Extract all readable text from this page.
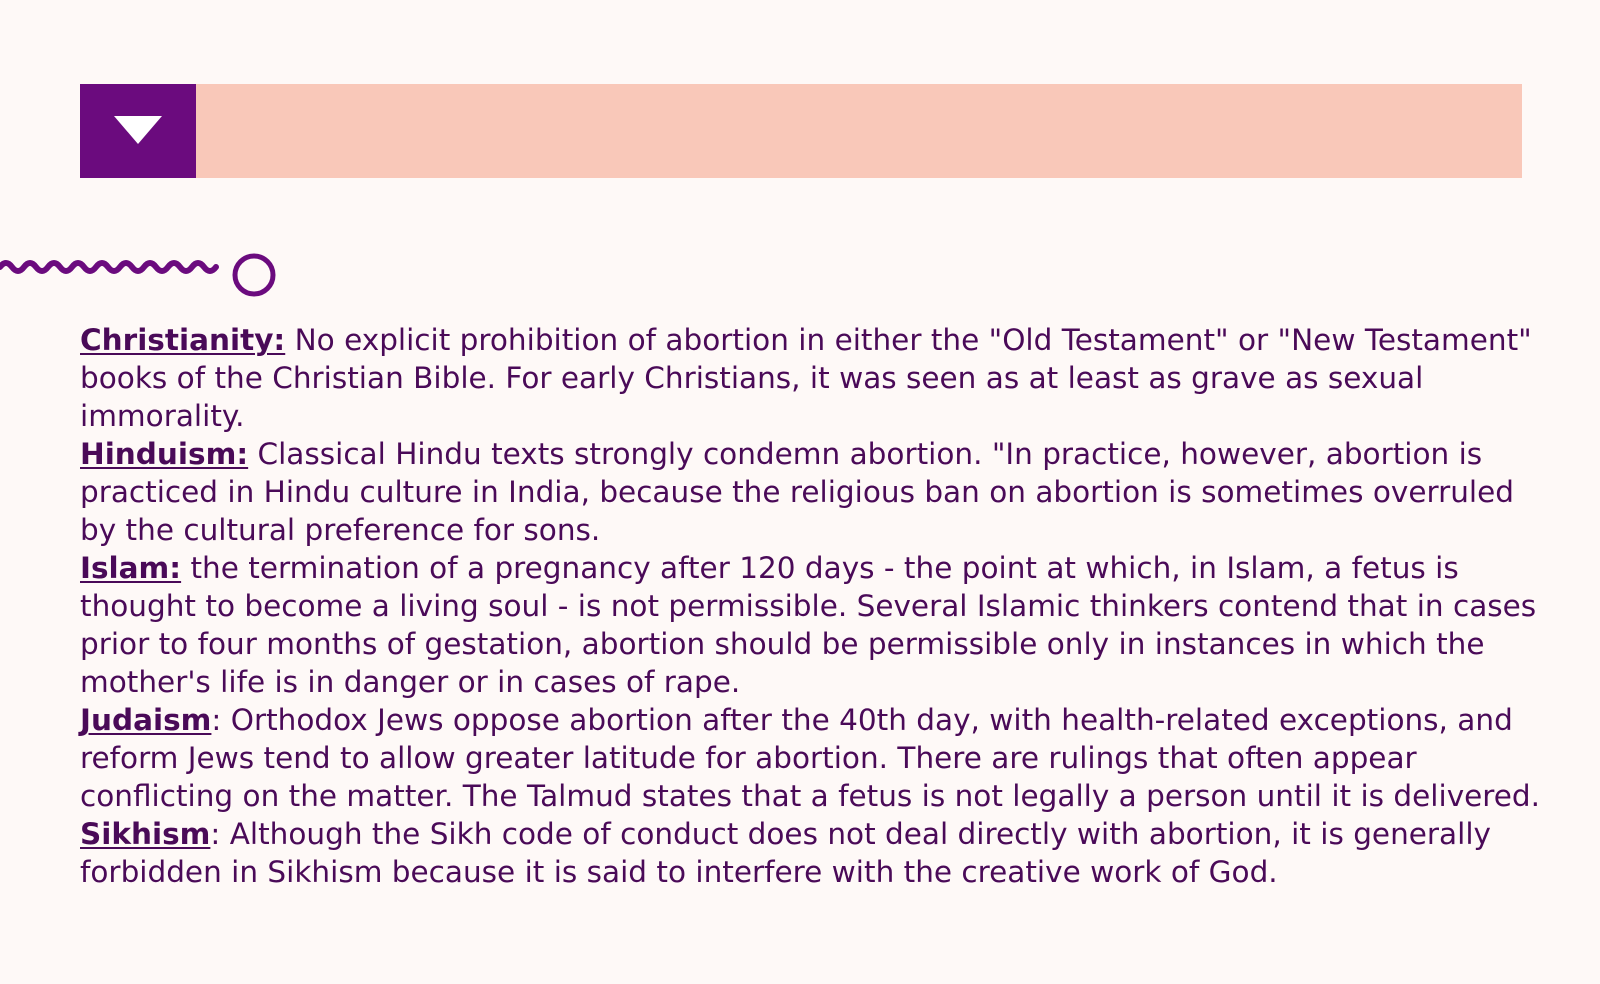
Christianity: No explicit prohibition of abortion in either the "Old Testament" or "New Testament" books of the Christian Bible. For early Christians, it was seen as at least as grave as sexual immorality.

Hinduism: Classical Hindu texts strongly condemn abortion. "In practice, however, abortion is practiced in Hindu culture in India, because the religious ban on abortion is sometimes overruled by the cultural preference for sons.

Islam: the termination of a pregnancy after 120 days - the point at which, in Islam, a fetus is thought to become a living soul - is not permissible. Several Islamic thinkers contend that in cases prior to four months of gestation, abortion should be permissible only in instances in which the mother's life is in danger or in cases of rape.

Judaism: Orthodox Jews oppose abortion after the 40th day, with health-related exceptions, and reform Jews tend to allow greater latitude for abortion. There are rulings that often appear conflicting on the matter. The Talmud states that a fetus is not legally a person until it is delivered.

Sikhism: Although the Sikh code of conduct does not deal directly with abortion, it is generally forbidden in Sikhism because it is said to interfere with the creative work of God.
